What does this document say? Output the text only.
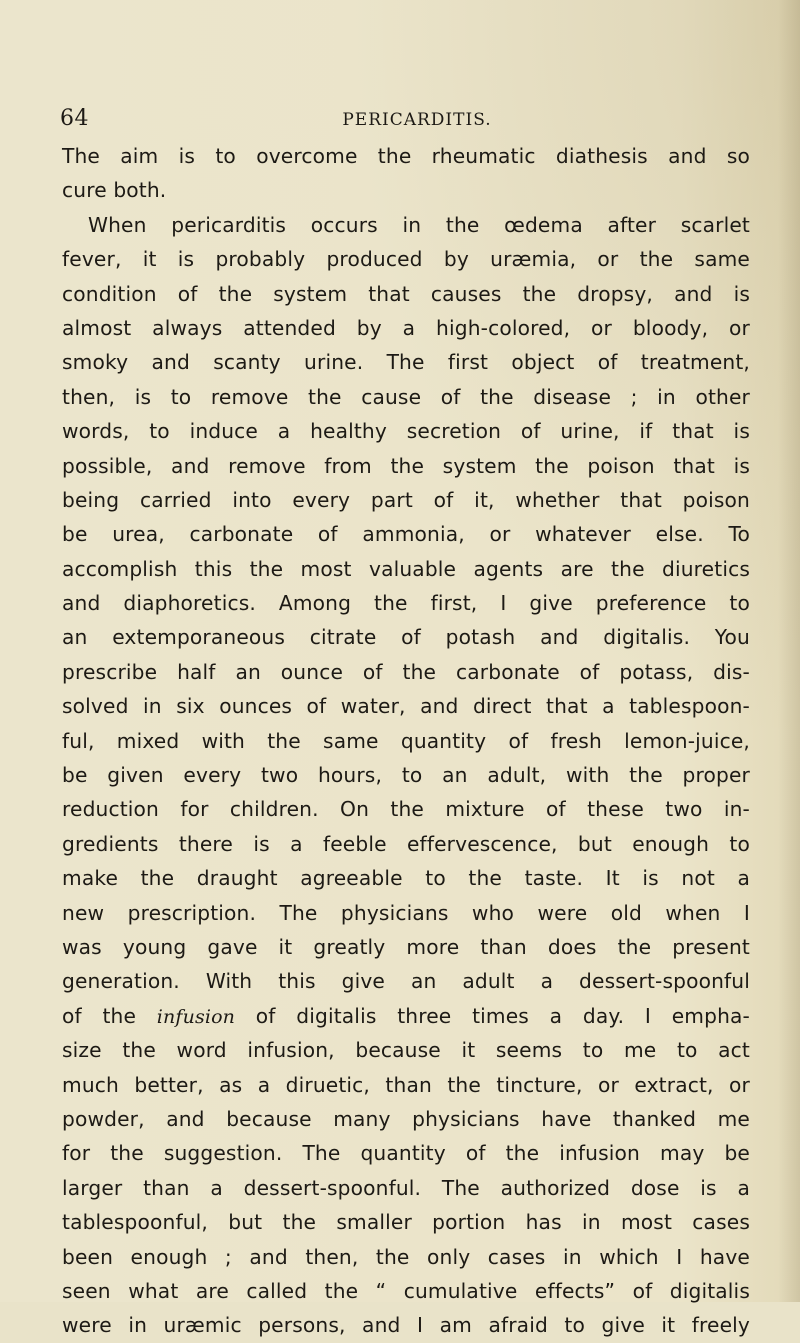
64	PERICARDITIS.
The aim is to overcome the rheumatic diathesis and so
cure both.
When pericarditis occurs in the œdema after scarlet
fever, it is probably produced by uræmia, or the same
condition of the system that causes the dropsy, and is
almost always attended by a high-colored, or bloody, or
smoky and scanty urine. The first object of treatment,
then, is to remove the cause of the disease ; in other
words, to induce a healthy secretion of urine, if that is
possible, and remove from the system the poison that is
being carried into every part of it, whether that poison
be urea, carbonate of ammonia, or whatever else. To
accomplish this the most valuable agents are the diuretics
and diaphoretics. Among the first, I give preference to
an extemporaneous citrate of potash and digitalis. You
prescribe half an ounce of the carbonate of potass, dis-
solved in six ounces of water, and direct that a tablespoon-
ful, mixed with the same quantity of fresh lemon-juice,
be given every two hours, to an adult, with the proper
reduction for children. On the mixture of these two in-
gredients there is a feeble effervescence, but enough to
make the draught agreeable to the taste. It is not a
new prescription. The physicians who were old when I
was young gave it greatly more than does the present
generation. With this give an adult a dessert-spoonful
of the infusion of digitalis three times a day. I empha-
size the word infusion, because it seems to me to act
much better, as a diruetic, than the tincture, or extract, or
powder, and because many physicians have thanked me
for the suggestion. The quantity of the infusion may be
larger than a dessert-spoonful. The authorized dose is a
tablespoonful, but the smaller portion has in most cases
been enough ; and then, the only cases in which I have
seen what are called the “ cumulative effects” of digitalis
were in uræmic persons, and I am afraid to give it freely
